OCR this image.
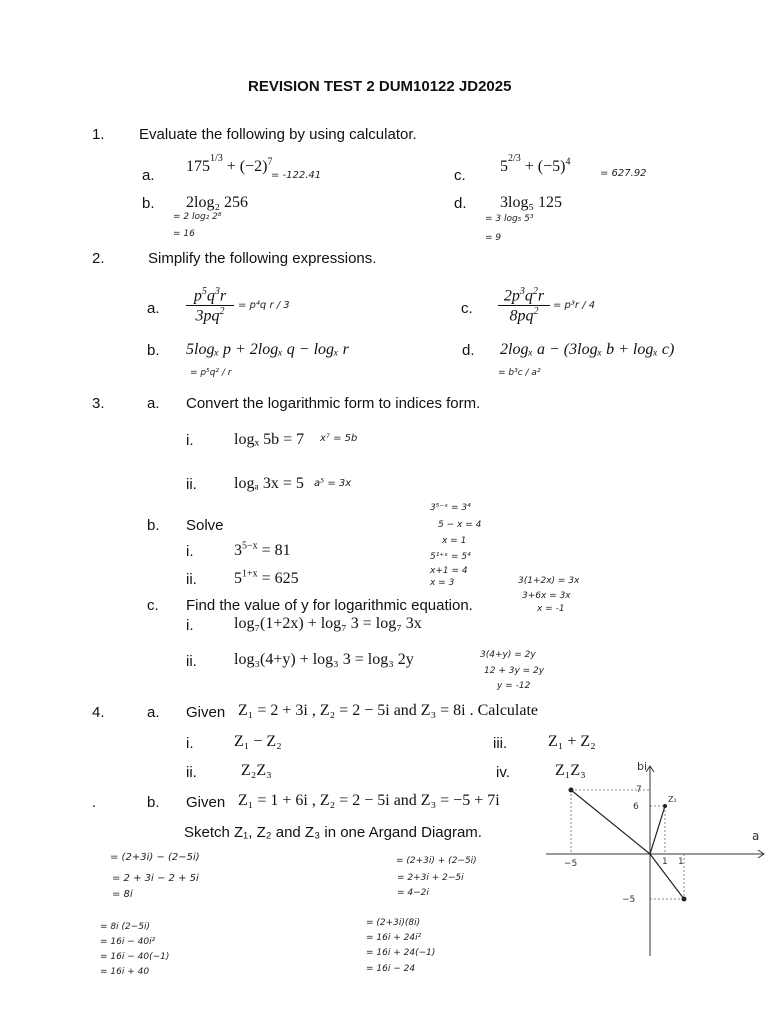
REVISION TEST 2 DUM10122 JD2025
1. Evaluate the following by using calculator.
a.
$175^{1/3} + (-2)^7$
= -122.41	c.
$5^{2/3} + (-5)^4$
= 627.92
b. 2log₂ 256
= 2 log₂ 2⁸
= 16
d. 3log₅ 125
= 3 log₅ 5³
= 9
2.	Simplify the following expressions.
a. $\frac{p^5q^3r}{3pq^2} = p^4q$ r / 3	c. $\frac{2p^3q^2r}{8pq^2} = p^3r / 4$
b. 5logₓ p + 2logₓ q − logₓ r
= p⁵q² / r
d. 2logₓ a − (3logₓ b + logₓ c)
= b³c / a²
3.	a. Convert the logarithmic form to indices form.
i.	logₓ 5b = 7 x⁷ = 5b
ii. logₐ 3x = 5 a⁵ = 3x
b. Solve
i.	$3^{5-x} = 81$
ii. $5^{1+x} = 625$
3⁵⁻ˣ = 3⁴
5 − x = 4
x = 1
5¹⁺ˣ = 5⁴
x+1 = 4
x = 3
c. Find the value of y for logarithmic equation.
i.	log₇(1+2x) + log₇ 3 = log₇ 3x
3(1+2x) = 3x
3+6x = 3x
x = -1
ii. log₃(4+y) + log₃ 3 = log₃ 2y	3(4+y) = 2y
12 + 3y = 2y
y = -12
4.	a. Given Z₁ = 2 + 3i , Z₂ = 2 − 5i and Z₃ = 8i . Calculate
i.	Z₁ − Z₂	iii.	Z₁ + Z₂
ii.	Z₂Z₃	iv.	Z₁Z₃
.	b. Given Z₁ = 1 + 6i , Z₂ = 2 − 5i and Z₃ = −5 + 7i
Sketch Z₁, Z₂ and Z₃ in one Argand Diagram.
= (2+3i) − (2−5i)
= 2 + 3i − 2 + 5i
= 8i
= (2+3i) + (2−5i)
= 2+3i + 2−5i
= 4−2i
= 8i (2−5i)
= 16i − 40i²
= 16i − 40(−1)
= 16i + 40
= (2+3i)(8i)
= 16i + 24i²
= 16i + 24(−1)
= 16i − 24
bi
a
−5	1 1
6
−5
7
Z₁
